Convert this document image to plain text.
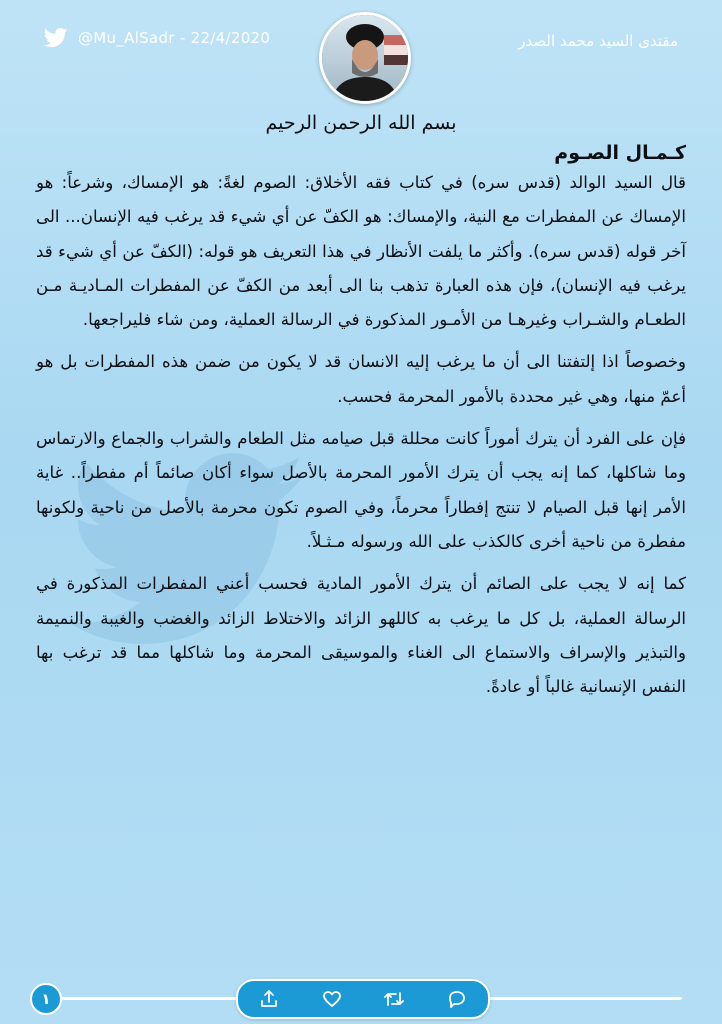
@Mu_AlSadr - 22/4/2020	مقتدى السيد محمد الصدر
بسم الله الرحمن الرحيم
كـمـال الصـوم

قال السيد الوالد (قدس سره) في كتاب فقه الأخلاق: الصوم لغةً: هو الإمساك، وشرعاً: هو الإمساك عن المفطرات مع النية، والإمساك: هو الكفّ عن أي شيء قد يرغب فيه الإنسان... الى آخر قوله (قدس سره). وأكثر ما يلفت الأنظار في هذا التعريف هو قوله: (الكفّ عن أي شيء قد يرغب فيه الإنسان)، فإن هذه العبارة تذهب بنا الى أبعد من الكفّ عن المفطرات المـاديـة مـن الطعـام والشـراب وغيرهـا من الأمـور المذكورة في الرسالة العملية، ومن شاء فليراجعها.

وخصوصاً اذا إلتفتنا الى أن ما يرغب إليه الانسان قد لا يكون من ضمن هذه المفطرات بل هو أعمّ منها، وهي غير محددة بالأمور المحرمة فحسب.

فإن على الفرد أن يترك أموراً كانت محللة قبل صيامه مثل الطعام والشراب والجماع والارتماس وما شاكلها، كما إنه يجب أن يترك الأمور المحرمة بالأصل سواء أكان صائماً أم مفطراً.. غاية الأمر إنها قبل الصيام لا تنتج إفطاراً محرماً، وفي الصوم تكون محرمة بالأصل من ناحية ولكونها مفطرة من ناحية أخرى كالكذب على الله ورسوله مـثـلاً.

كما إنه لا يجب على الصائم أن يترك الأمور المادية فحسب أعني المفطرات المذكورة في الرسالة العملية، بل كل ما يرغب به كاللهو الزائد والاختلاط الزائد والغضب والغيبة والنميمة والتبذير والإسراف والاستماع الى الغناء والموسيقى المحرمة وما شاكلها مما قد ترغب بها النفس الإنسانية غالباً أو عادةً.

١
